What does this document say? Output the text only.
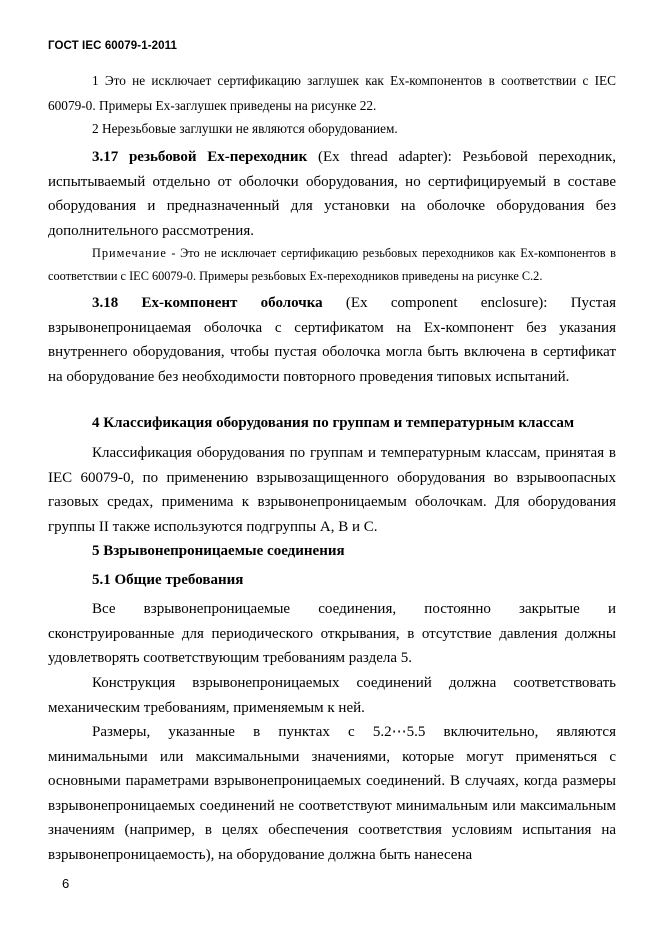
ГОСТ IEC 60079-1-2011

1 Это не исключает сертификацию заглушек как Ex-компонентов в соответствии с IEC 60079-0. Примеры Ex-заглушек приведены на рисунке 22.

2 Нерезьбовые заглушки не являются оборудованием.

3.17 резьбовой Ex-переходник (Ex thread adapter): Резьбовой переходник, испытываемый отдельно от оболочки оборудования, но сертифицируемый в составе оборудования и предназначенный для установки на оболочке оборудования без дополнительного рассмотрения.

Примечание - Это не исключает сертификацию резьбовых переходников как Ex-компонентов в соответствии с IEC 60079-0. Примеры резьбовых Ex-переходников приведены на рисунке C.2.

3.18 Ex-компонент оболочка (Ex component enclosure): Пустая взрывонепроницаемая оболочка с сертификатом на Ex-компонент без указания внутреннего оборудования, чтобы пустая оболочка могла быть включена в сертификат на оборудование без необходимости повторного проведения типовых испытаний.

4 Классификация оборудования по группам и температурным классам

Классификация оборудования по группам и температурным классам, принятая в IEC 60079-0, по применению взрывозащищенного оборудования во взрывоопасных газовых средах, применима к взрывонепроницаемым оболочкам. Для оборудования группы II также используются подгруппы А, В и С.

5 Взрывонепроницаемые соединения
5.1 Общие требования

Все взрывонепроницаемые соединения, постоянно закрытые и сконструированные для периодического открывания, в отсутствие давления должны удовлетворять соответствующим требованиям раздела 5.

Конструкция взрывонепроницаемых соединений должна соответствовать механическим требованиям, применяемым к ней.

Размеры, указанные в пунктах с 5.2⋯5.5 включительно, являются минимальными или максимальными значениями, которые могут применяться с основными параметрами взрывонепроницаемых соединений. В случаях, когда размеры взрывонепроницаемых соединений не соответствуют минимальным или максимальным значениям (например, в целях обеспечения соответствия условиям испытания на взрывонепроницаемость), на оборудование должна быть нанесена

6
